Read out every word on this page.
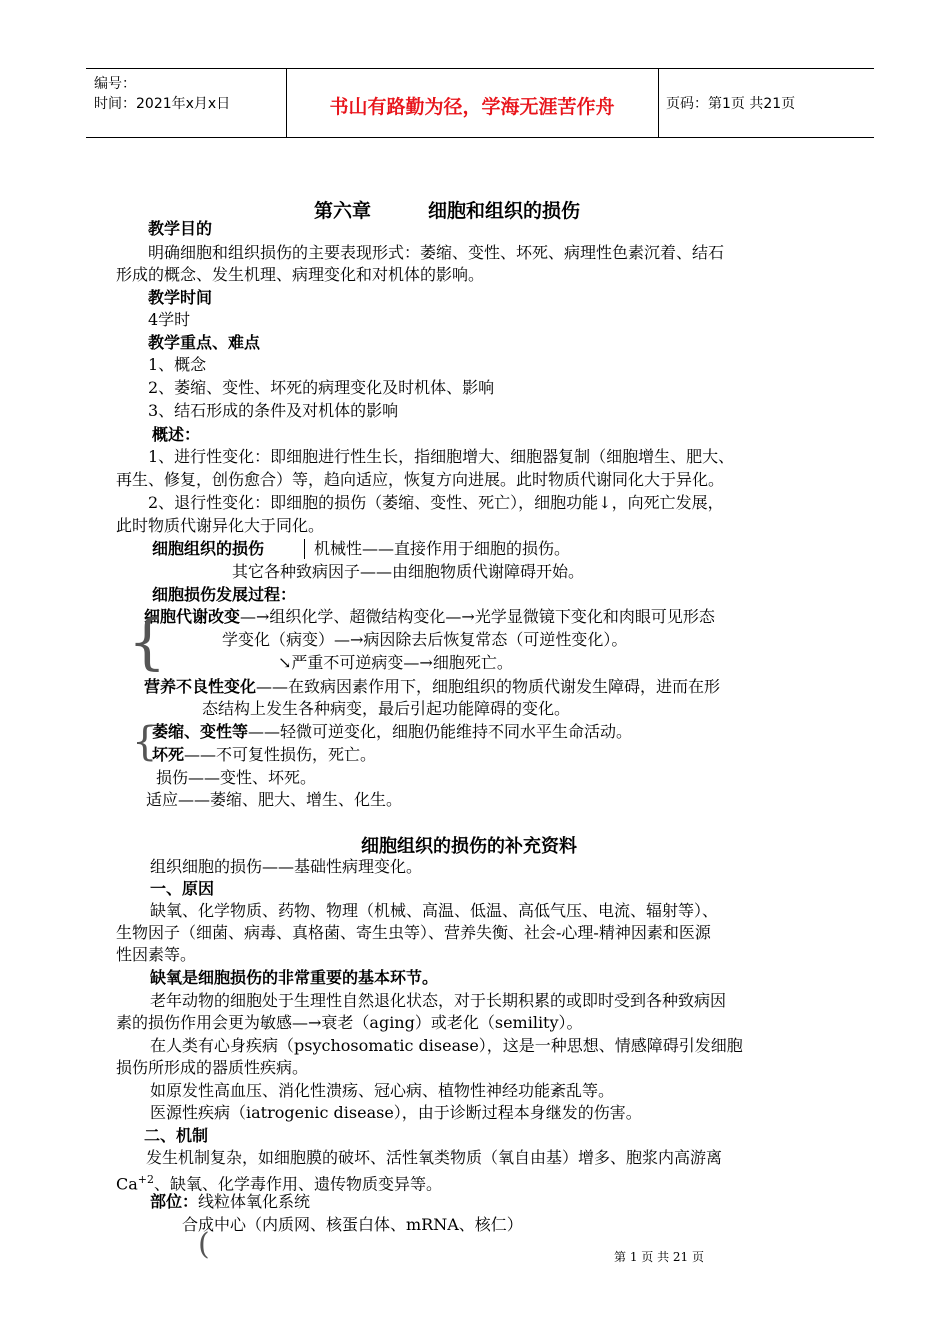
编号：
时间：2021年x月x日	书山有路勤为径，学海无涯苦作舟	页码：第1页 共21页
第六章　　　细胞和组织的损伤
教学目的
明确细胞和组织损伤的主要表现形式：萎缩、变性、坏死、病理性色素沉着、结石
形成的概念、发生机理、病理变化和对机体的影响。
教学时间
4学时
教学重点、难点
1、概念
2、萎缩、变性、坏死的病理变化及时机体、影响
3、结石形成的条件及对机体的影响
概述：
1、进行性变化：即细胞进行性生长，指细胞增大、细胞器复制（细胞增生、肥大、
再生、修复，创伤愈合）等，趋向适应，恢复方向进展。此时物质代谢同化大于异化。
2、退行性变化：即细胞的损伤（萎缩、变性、死亡），细胞功能↓，向死亡发展，
此时物质代谢异化大于同化。
细胞组织的损伤	机械性——直接作用于细胞的损伤。
其它各种致病因子——由细胞物质代谢障碍开始。
细胞损伤发展过程：
细胞代谢改变—→组织化学、超微结构变化—→光学显微镜下变化和肉眼可见形态
{	学变化（病变）—→病因除去后恢复常态（可逆性变化）。
↘严重不可逆病变—→细胞死亡。
营养不良性变化——在致病因素作用下，细胞组织的物质代谢发生障碍，进而在形
态结构上发生各种病变，最后引起功能障碍的变化。
萎缩、变性等——轻微可逆变化，细胞仍能维持不同水平生命活动。
{
坏死——不可复性损伤，死亡。
损伤——变性、坏死。
适应——萎缩、肥大、增生、化生。
细胞组织的损伤的补充资料
组织细胞的损伤——基础性病理变化。
一、原因
缺氧、化学物质、药物、物理（机械、高温、低温、高低气压、电流、辐射等）、
生物因子（细菌、病毒、真格菌、寄生虫等）、营养失衡、社会-心理-精神因素和医源
性因素等。
缺氧是细胞损伤的非常重要的基本环节。
老年动物的细胞处于生理性自然退化状态，对于长期积累的或即时受到各种致病因
素的损伤作用会更为敏感—→衰老（aging）或老化（semility）。
在人类有心身疾病（psychosomatic disease），这是一种思想、情感障碍引发细胞
损伤所形成的器质性疾病。
如原发性高血压、消化性溃疡、冠心病、植物性神经功能紊乱等。
医源性疾病（iatrogenic disease），由于诊断过程本身继发的伤害。
二、机制
发生机制复杂，如细胞膜的破坏、活性氧类物质（氧自由基）增多、胞浆内高游离
$Ca^{+2}$、缺氧、化学毒作用、遗传物质变异等。
部位：线粒体氧化系统
合成中心（内质网、核蛋白体、mRNA、核仁）
(	第 1 页 共 21 页
